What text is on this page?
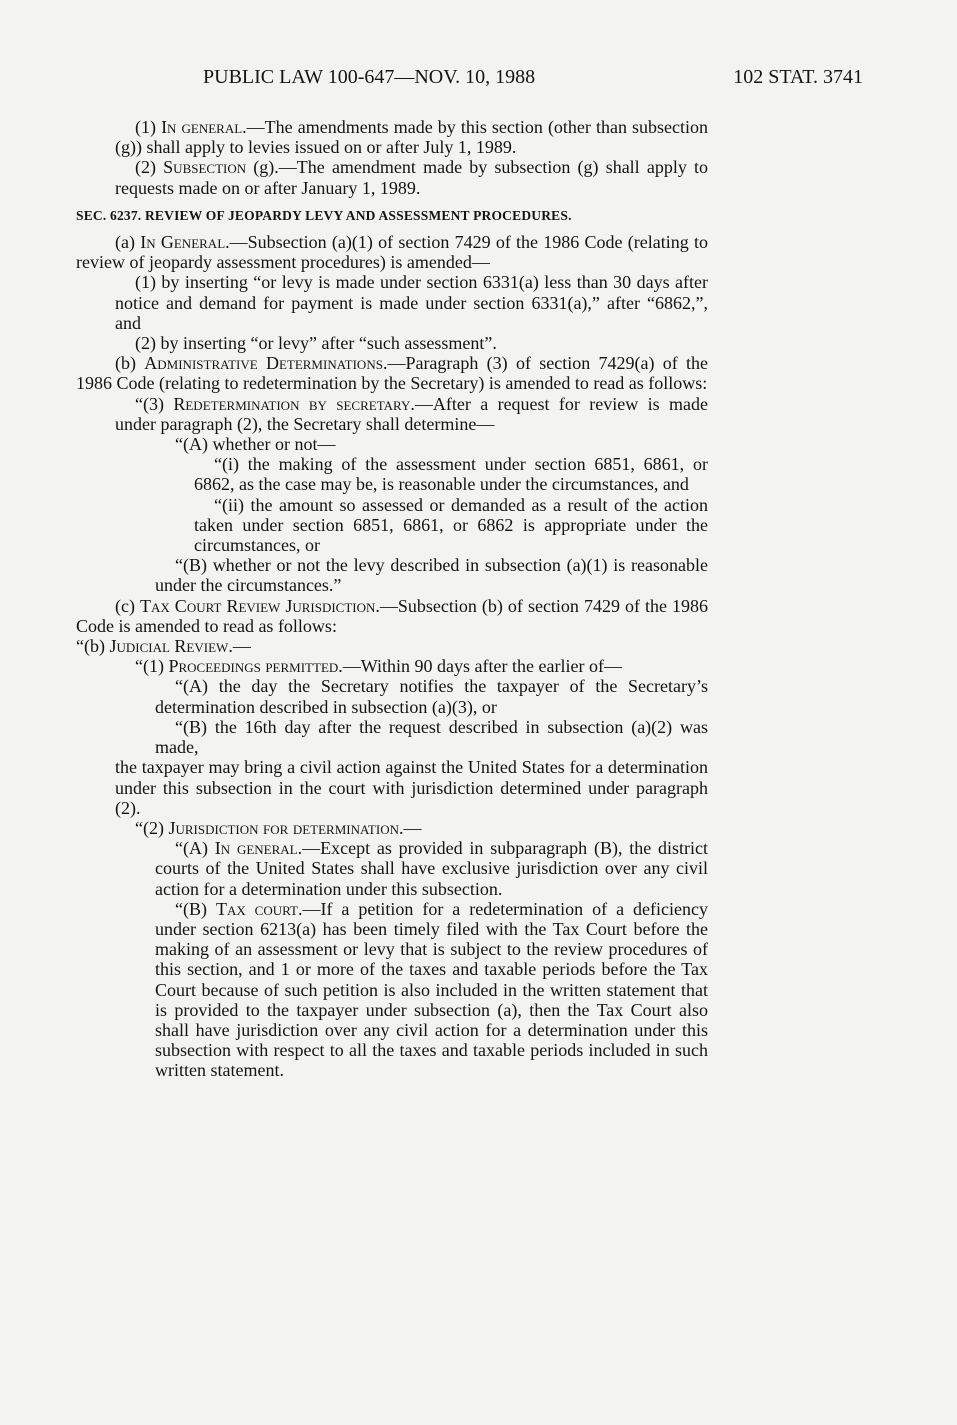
PUBLIC LAW 100-647—NOV. 10, 1988	102 STAT. 3741

(1) In general.—The amendments made by this section (other than subsection (g)) shall apply to levies issued on or after July 1, 1989.

(2) Subsection (g).—The amendment made by subsection (g) shall apply to requests made on or after January 1, 1989.

SEC. 6237. REVIEW OF JEOPARDY LEVY AND ASSESSMENT PROCEDURES.

(a) In General.—Subsection (a)(1) of section 7429 of the 1986 Code (relating to review of jeopardy assessment procedures) is amended—

(1) by inserting “or levy is made under section 6331(a) less than 30 days after notice and demand for payment is made under section 6331(a),” after “6862,”, and

(2) by inserting “or levy” after “such assessment”.

(b) Administrative Determinations.—Paragraph (3) of section 7429(a) of the 1986 Code (relating to redetermination by the Secretary) is amended to read as follows:

“(3) Redetermination by secretary.—After a request for review is made under paragraph (2), the Secretary shall determine—

“(A) whether or not—

“(i) the making of the assessment under section 6851, 6861, or 6862, as the case may be, is reasonable under the circumstances, and

“(ii) the amount so assessed or demanded as a result of the action taken under section 6851, 6861, or 6862 is appropriate under the circumstances, or

“(B) whether or not the levy described in subsection (a)(1) is reasonable under the circumstances.”

(c) Tax Court Review Jurisdiction.—Subsection (b) of section 7429 of the 1986 Code is amended to read as follows:

“(b) Judicial Review.—

“(1) Proceedings permitted.—Within 90 days after the earlier of—

“(A) the day the Secretary notifies the taxpayer of the Secretary’s determination described in subsection (a)(3), or

“(B) the 16th day after the request described in subsection (a)(2) was made,

the taxpayer may bring a civil action against the United States for a determination under this subsection in the court with jurisdiction determined under paragraph (2).

“(2) Jurisdiction for determination.—

“(A) In general.—Except as provided in subparagraph (B), the district courts of the United States shall have exclusive jurisdiction over any civil action for a determination under this subsection.

“(B) Tax court.—If a petition for a redetermination of a deficiency under section 6213(a) has been timely filed with the Tax Court before the making of an assessment or levy that is subject to the review procedures of this section, and 1 or more of the taxes and taxable periods before the Tax Court because of such petition is also included in the written statement that is provided to the taxpayer under subsection (a), then the Tax Court also shall have jurisdiction over any civil action for a determination under this subsection with respect to all the taxes and taxable periods included in such written statement.
